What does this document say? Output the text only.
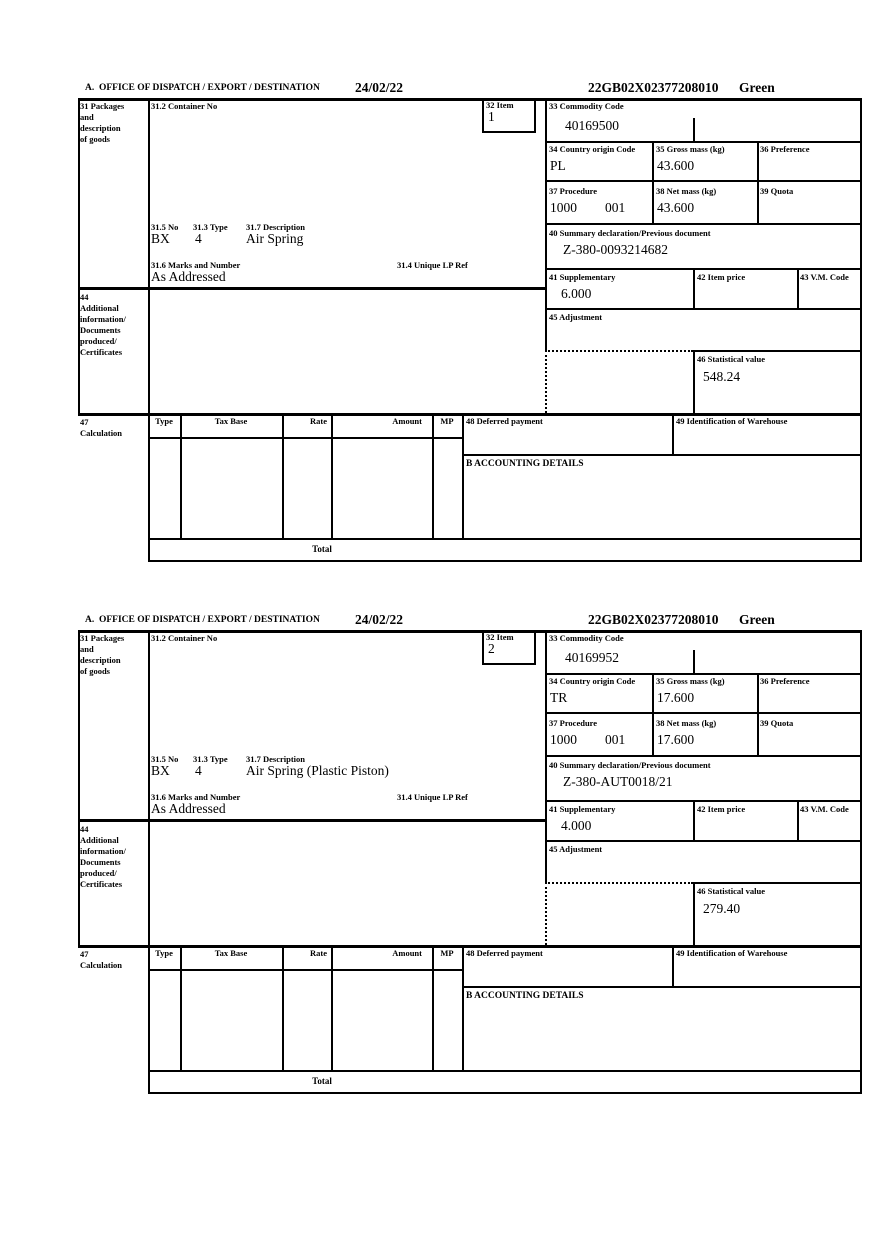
A.  OFFICE OF DISPATCH / EXPORT / DESTINATION	24/02/22	22GB02X02377208010 Green
31 Packages
and
description
of goods
31.2 Container No	32 Item
1
33 Commodity Code
40169500
34 Country origin Code
PL
35 Gross mass (kg)
43.600
36 Preference
37 Procedure
1000 001
38 Net mass (kg)
43.600
39 Quota
31.5 No 31.3 Type 31.7 Description
BX 4	Air Spring
31.6 Marks and Number	31.4 Unique LP Ref
As Addressed
40 Summary declaration/Previous document
Z-380-0093214682
41 Supplementary
6.000
42 Item price	43 V.M. Code
44
Additional
information/
Documents
produced/
Certificates
45 Adjustment
46 Statistical value
548.24
47
Calculation
Type	Tax Base	Rate	Amount	MP	48 Deferred payment	49 Identification of Warehouse
B ACCOUNTING DETAILS
Total
A.  OFFICE OF DISPATCH / EXPORT / DESTINATION	24/02/22	22GB02X02377208010 Green
31 Packages
and
description
of goods
31.2 Container No	32 Item
2
33 Commodity Code
40169952
34 Country origin Code
TR
35 Gross mass (kg)
17.600
36 Preference
37 Procedure
1000 001
38 Net mass (kg)
17.600
39 Quota
31.5 No 31.3 Type 31.7 Description
BX 4	Air Spring (Plastic Piston)
31.6 Marks and Number	31.4 Unique LP Ref
As Addressed
40 Summary declaration/Previous document
Z-380-AUT0018/21
41 Supplementary
4.000
42 Item price	43 V.M. Code
44
Additional
information/
Documents
produced/
Certificates
45 Adjustment
46 Statistical value
279.40
47
Calculation
Type	Tax Base	Rate	Amount	MP	48 Deferred payment	49 Identification of Warehouse
B ACCOUNTING DETAILS
Total
